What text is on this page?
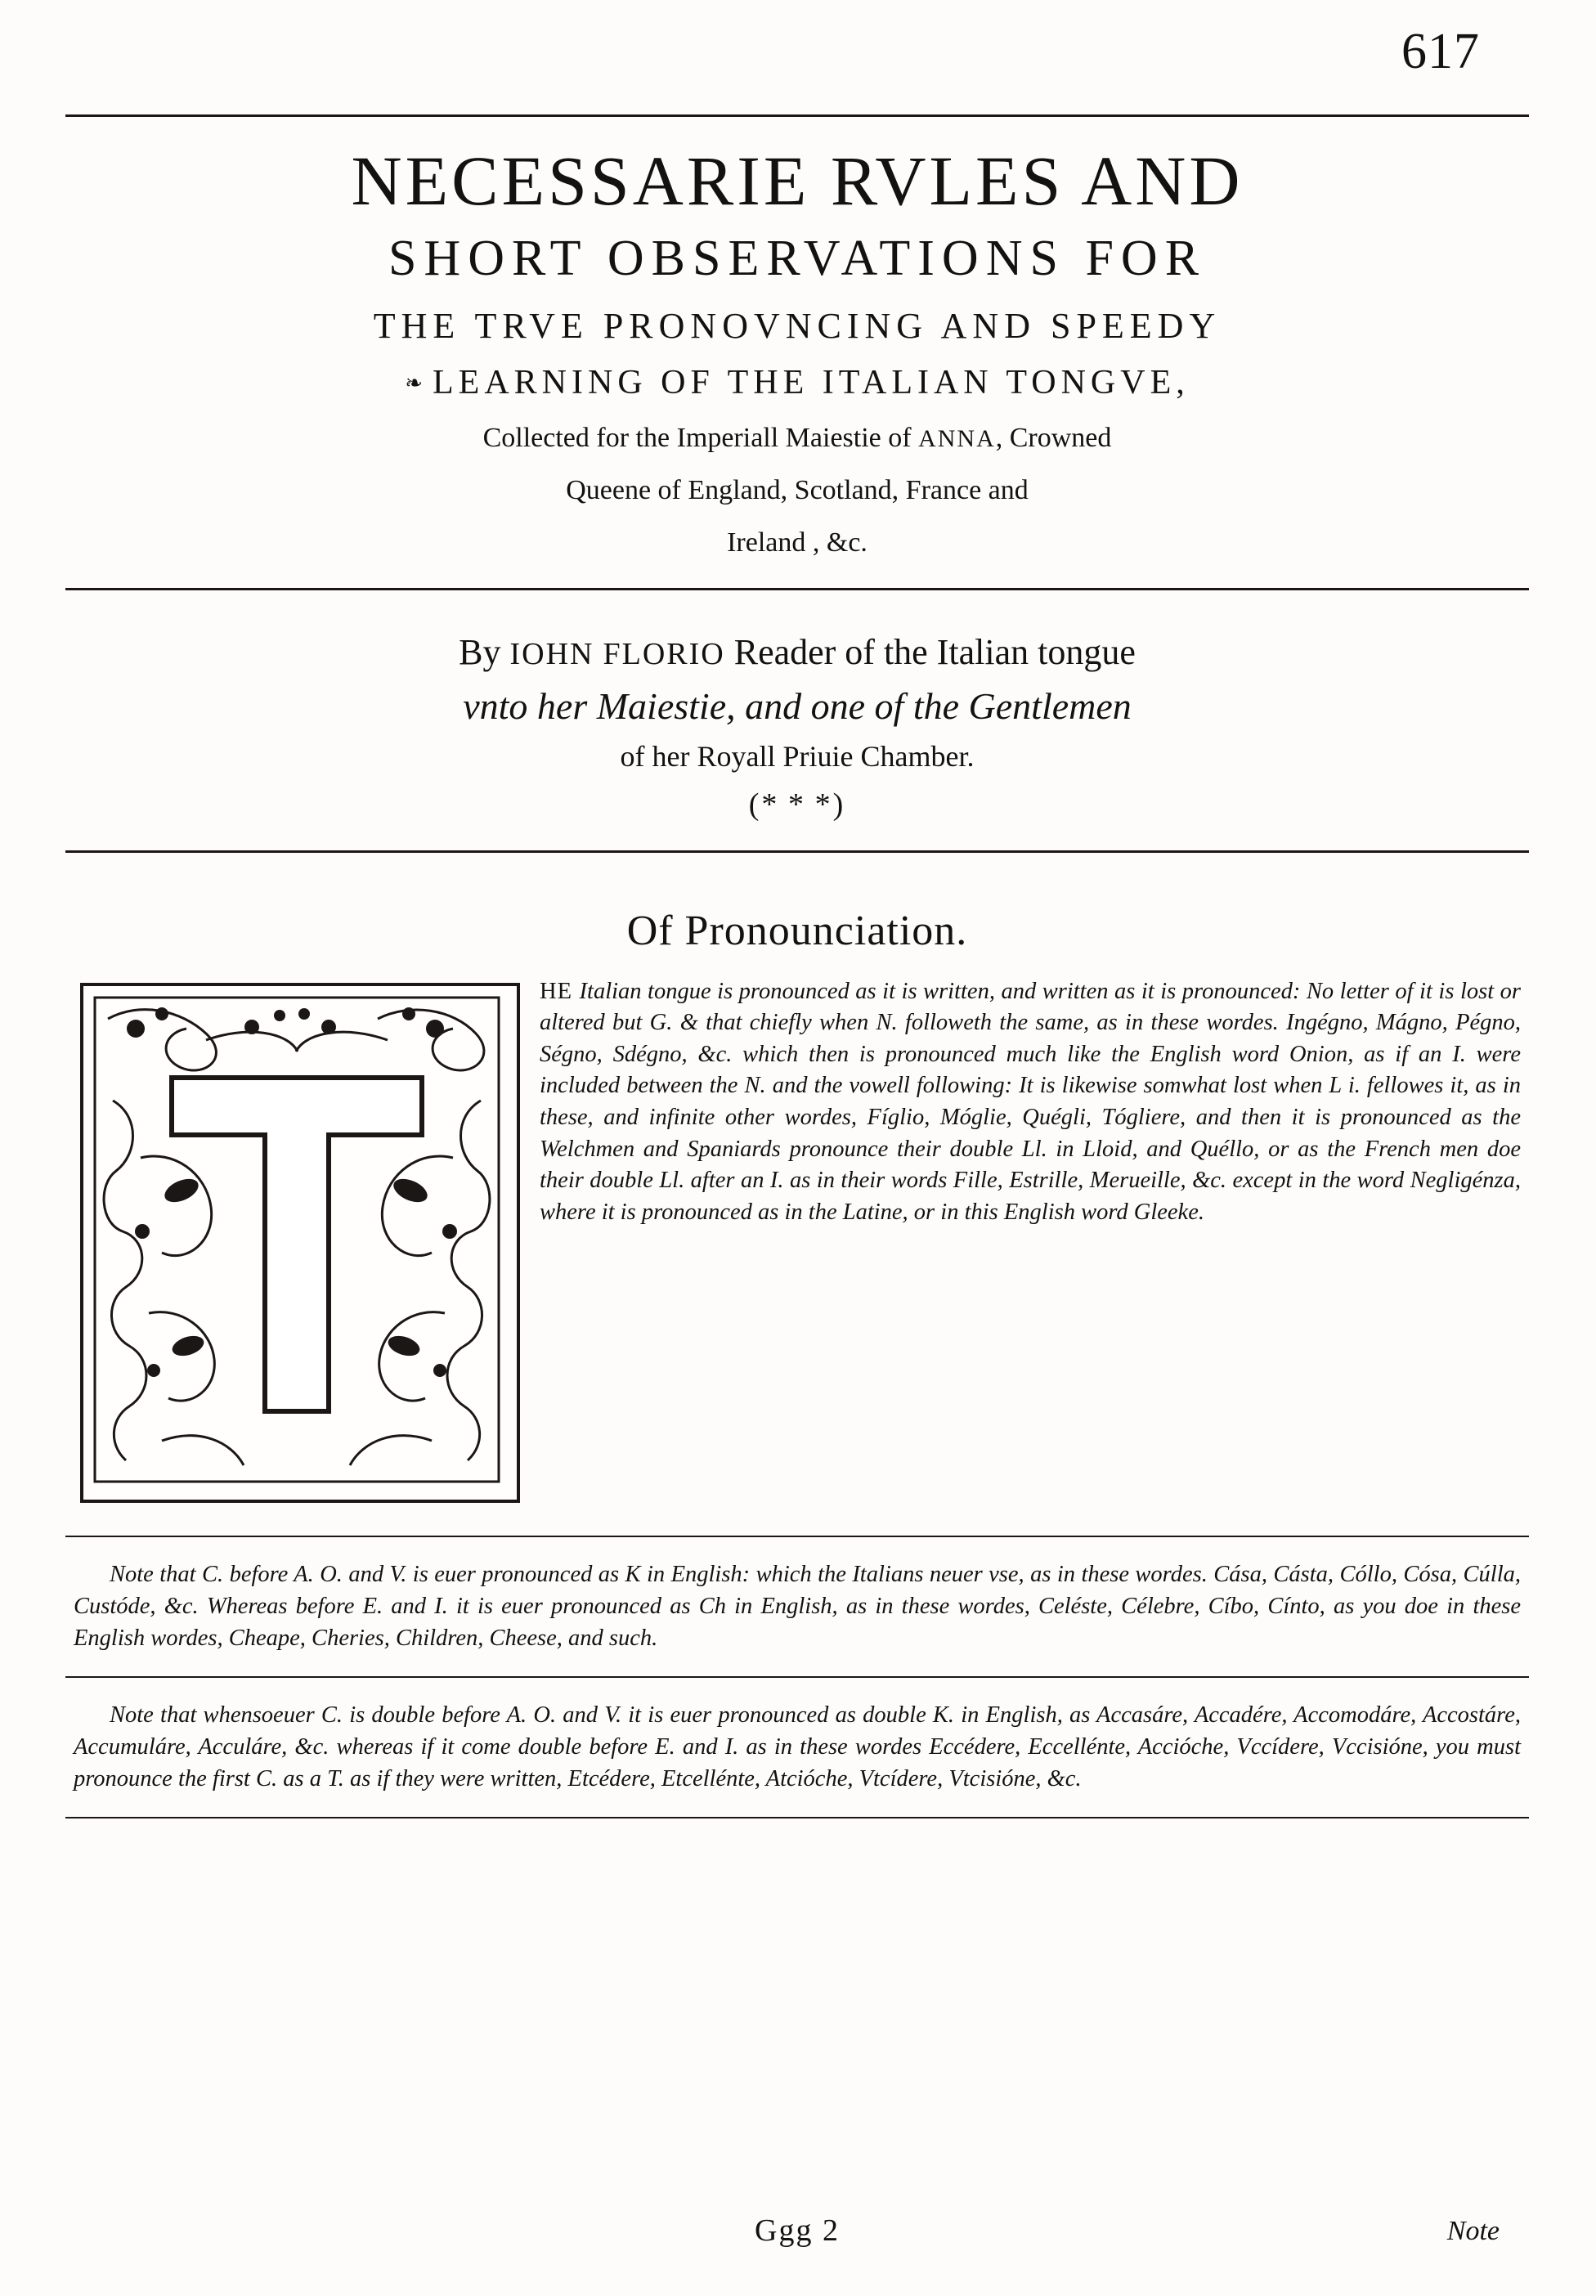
617
NECESSARIE RVLES AND
SHORT OBSERVATIONS FOR
THE TRVE PRONOVNCING AND SPEEDY
❧ LEARNING OF THE ITALIAN TONGVE,
Collected for the Imperiall Maiestie of ANNA, Crowned
Queene of England, Scotland, France and
Ireland , &c.
By IOHN FLORIO Reader of the Italian tongue
vnto her Maiestie, and one of the Gentlemen
of her Royall Priuie Chamber.
(* * *)
Of Pronounciation.
HE Italian tongue is pronounced as it is written, and written as it is pronounced: No letter of it is lost or altered but G. & that chiefly when N. followeth the same, as in these wordes. Ingégno, Mágno, Pégno, Ségno, Sdégno, &c. which then is pronounced much like the English word Onion, as if an I. were included between the N. and the vowell following: It is likewise somwhat lost when L i. fellowes it, as in these, and infinite other wordes, Fíglio, Móglie, Quégli, Tógliere, and then it is pronounced as the Welchmen and Spaniards pronounce their double Ll. in Lloid, and Quéllo, or as the French men doe their double Ll. after an I. as in their words Fille, Estrille, Merueille, &c. except in the word Negligénza, where it is pronounced as in the Latine, or in this English word Gleeke.
Note that C. before A. O. and V. is euer pronounced as K in English: which the Italians neuer vse, as in these wordes. Cása, Cásta, Cóllo, Cósa, Cúlla, Custóde, &c. Whereas before E. and I. it is euer pronounced as Ch in English, as in these wordes, Celéste, Célebre, Cíbo, Cínto, as you doe in these English wordes, Cheape, Cheries, Children, Cheese, and such.
Note that whensoeuer C. is double before A. O. and V. it is euer pronounced as double K. in English, as Accasáre, Accadére, Accomodáre, Accostáre, Accumuláre, Acculáre, &c. whereas if it come double before E. and I. as in these wordes Eccédere, Eccellénte, Accióche, Vccídere, Vccisióne, you must pronounce the first C. as a T. as if they were written, Etcédere, Etcellénte, Atcióche, Vtcídere, Vtcisióne, &c.
Ggg 2	Note
